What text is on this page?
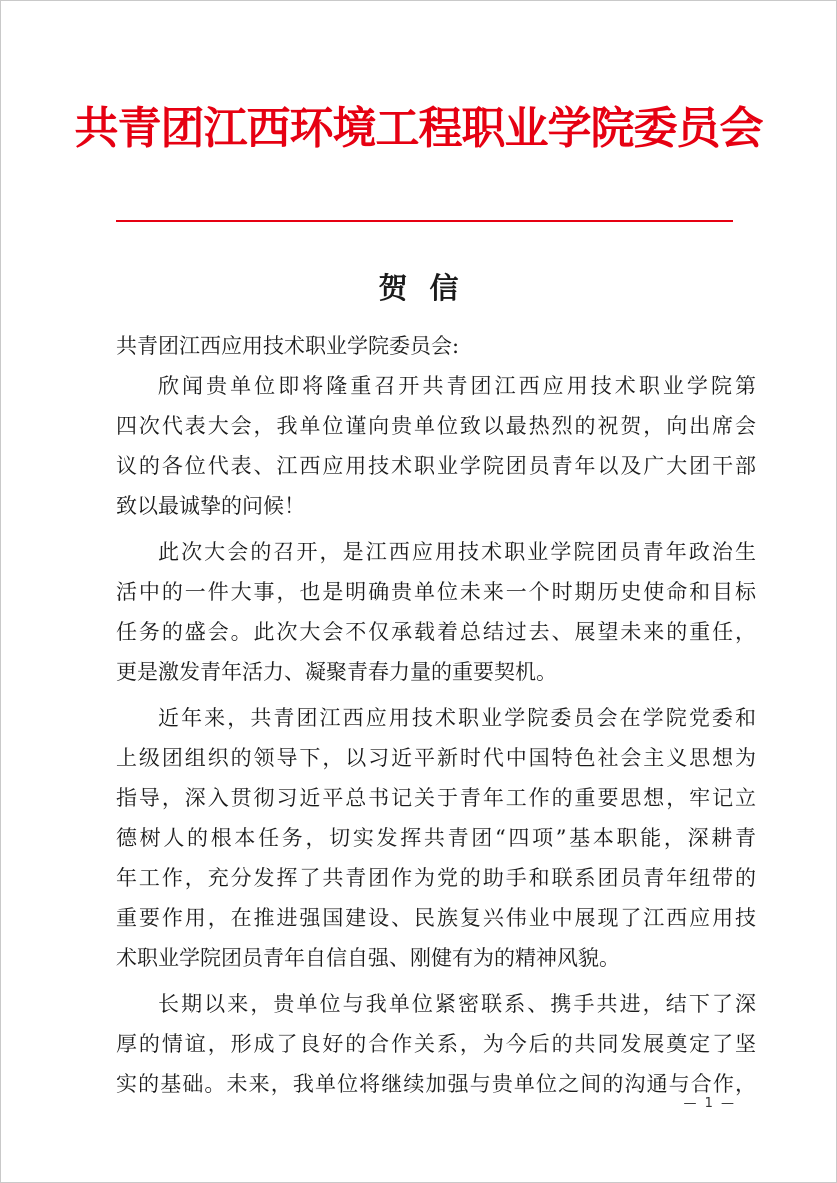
共青团江西环境工程职业学院委员会
贺信
共青团江西应用技术职业学院委员会:

欣闻贵单位即将隆重召开共青团江西应用技术职业学院第
四次代表大会，我单位谨向贵单位致以最热烈的祝贺，向出席会
议的各位代表、江西应用技术职业学院团员青年以及广大团干部
致以最诚挚的问候！

此次大会的召开，是江西应用技术职业学院团员青年政治生
活中的一件大事，也是明确贵单位未来一个时期历史使命和目标
任务的盛会。此次大会不仅承载着总结过去、展望未来的重任，
更是激发青年活力、凝聚青春力量的重要契机。

近年来，共青团江西应用技术职业学院委员会在学院党委和
上级团组织的领导下，以习近平新时代中国特色社会主义思想为
指导，深入贯彻习近平总书记关于青年工作的重要思想，牢记立
德树人的根本任务，切实发挥共青团“四项”基本职能，深耕青
年工作，充分发挥了共青团作为党的助手和联系团员青年纽带的
重要作用，在推进强国建设、民族复兴伟业中展现了江西应用技
术职业学院团员青年自信自强、刚健有为的精神风貌。

长期以来，贵单位与我单位紧密联系、携手共进，结下了深
厚的情谊，形成了良好的合作关系，为今后的共同发展奠定了坚
实的基础。未来，我单位将继续加强与贵单位之间的沟通与合作，

— 1 —
